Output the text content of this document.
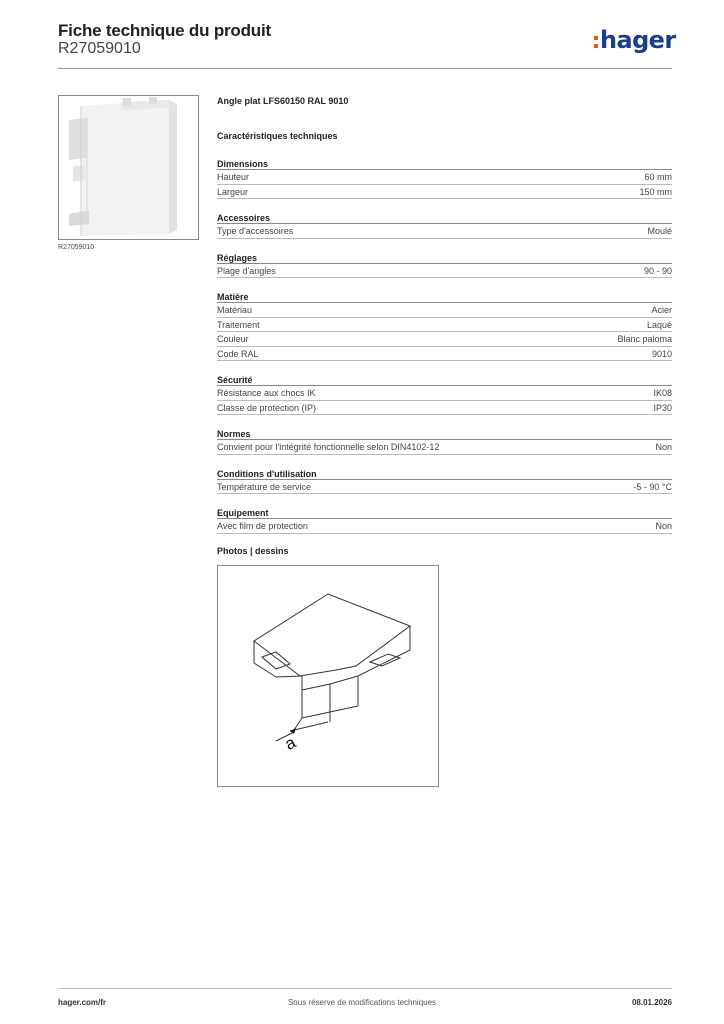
Fiche technique du produit
R27059010	hager
R27059010
Angle plat LFS60150 RAL 9010
Caractéristiques techniques
Dimensions
Hauteur	60 mm
Largeur	150 mm
Accessoires
Type d'accessoires	Moulé
Réglages
Plage d'angles	90 - 90
Matière
Matériau	Acier
Traitement	Laqué
Couleur	Blanc paloma
Code RAL	9010
Sécurité
Résistance aux chocs IK	IK08
Classe de protection (IP)	IP30
Normes
Convient pour l'intégrité fonctionnelle selon DIN4102-12	Non
Conditions d'utilisation
Température de service	-5 - 90 °C
Equipement
Avec film de protection	Non
Photos | dessins
a
hager.com/fr	Sous réserve de modifications techniques	08.01.2026
